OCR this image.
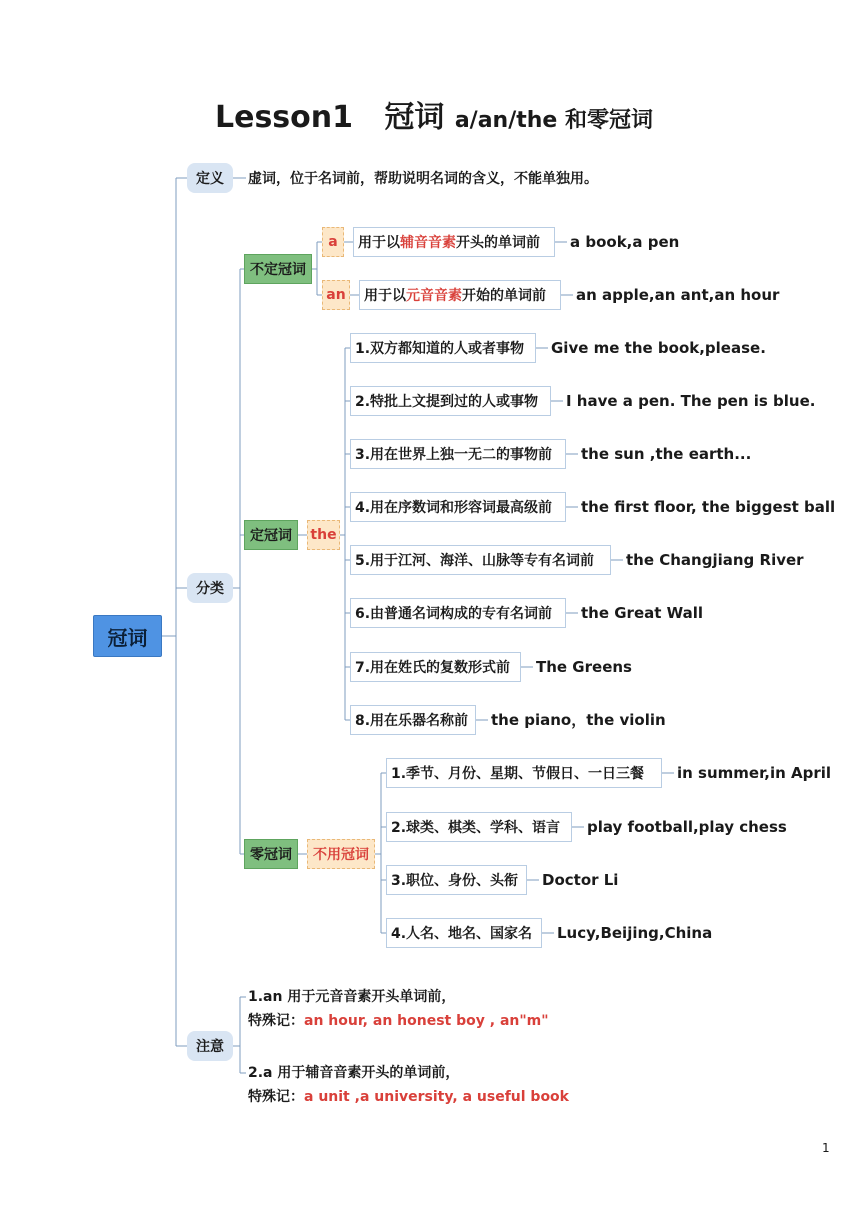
Lesson1 冠词 a/an/the 和零冠词
冠词
定义	虚词，位于名词前，帮助说明名词的含义，不能单独用。
分类
注意
不定冠词
a	用于以 辅音音素 开头的单词前 a book,a pen
an	用于以 元音音素 开始的单词前 an apple,an ant,an hour
定冠词	the
1.双方都知道的人或者事物	Give me the book,please.
2.特批上文提到过的人或事物	I have a pen. The pen is blue.
3.用在世界上独一无二的事物前	the sun ,the earth...
4.用在序数词和形容词最高级前	the first floor, the biggest ball
5.用于江河、海洋、山脉等专有名词前	the Changjiang River
6.由普通名词构成的专有名词前	the Great Wall
7.用在姓氏的复数形式前	The Greens
8.用在乐器名称前	the piano，the violin
零冠词	不用冠词
1.季节、月份、星期、节假日、一日三餐	in summer,in April
2.球类、棋类、学科、语言	play football,play chess
3.职位、身份、头衔	Doctor Li
4.人名、地名、国家名	Lucy,Beijing,China
1.an 用于元音音素开头单词前，
特殊记：an hour, an honest boy , an"m"
2.a 用于辅音音素开头的单词前，
特殊记：a unit ,a university, a useful book
1
